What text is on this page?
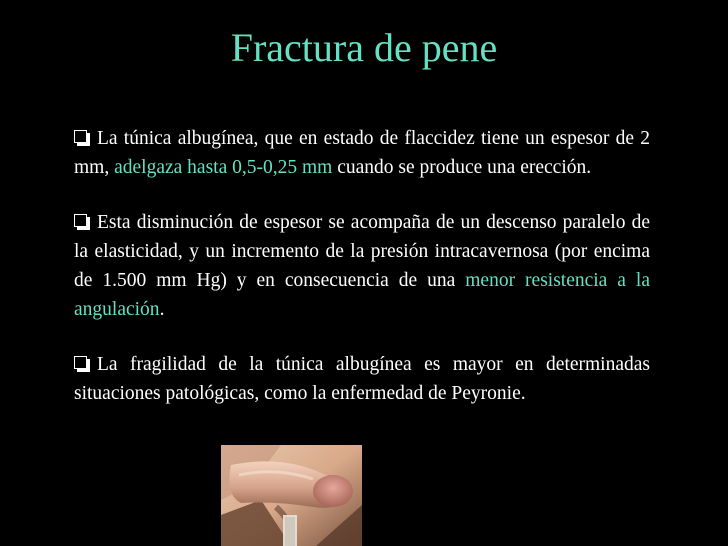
Fractura de pene

La túnica albugínea, que en estado de flaccidez tiene un espesor de 2 mm, adelgaza hasta 0,5-0,25 mm cuando se produce una erección.

Esta disminución de espesor se acompaña de un descenso paralelo de la elasticidad, y un incremento de la presión intracavernosa (por encima de 1.500 mm Hg) y en consecuencia de una menor resistencia a la angulación.

La fragilidad de la túnica albugínea es mayor en determinadas situaciones patológicas, como la enfermedad de Peyronie.
